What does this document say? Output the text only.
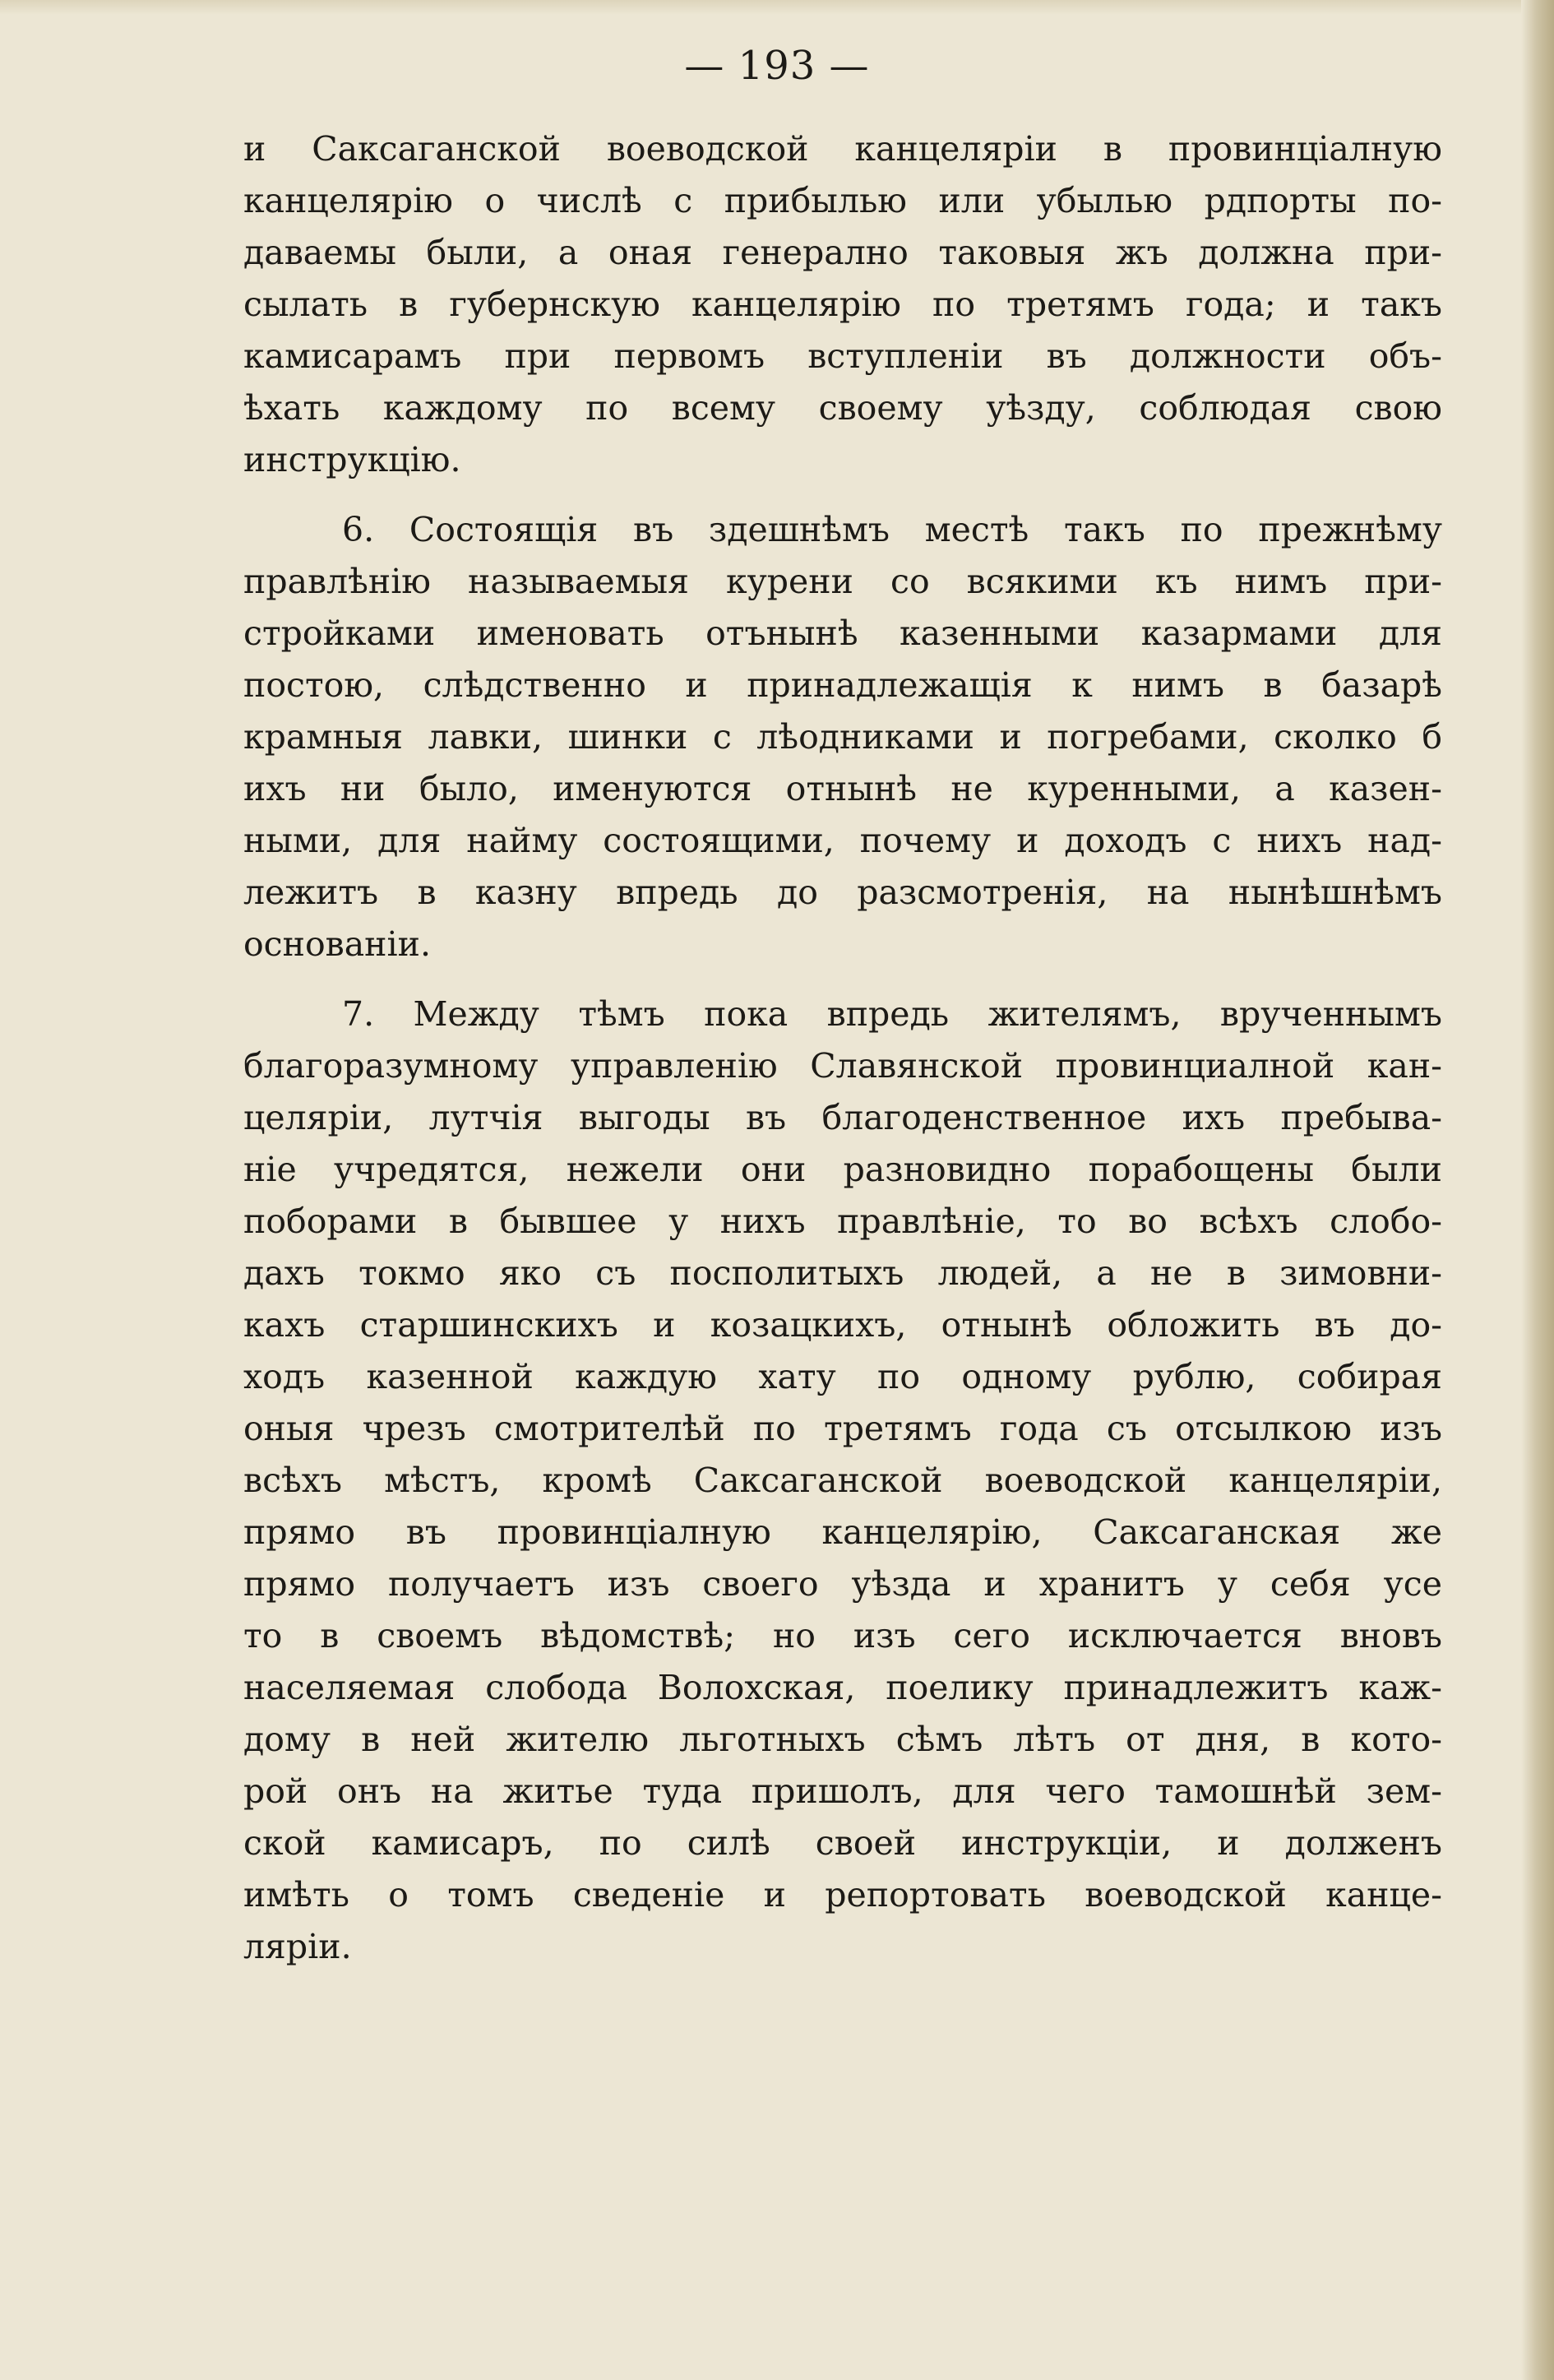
— 193 —
и Саксаганской воеводской канцеляріи в провинціалную
канцелярію о числѣ с прибылью или убылью рдпорты по-
даваемы были, а оная генерално таковыя жъ должна при-
сылать в губернскую канцелярію по третямъ года; и такъ
камисарамъ при первомъ вступленіи въ должности объ-
ѣхать каждому по всему своему уѣзду, соблюдая свою
инструкцію.
6. Состоящія въ здешнѣмъ местѣ такъ по прежнѣму
правлѣнію называемыя курени со всякими къ нимъ при-
стройками именовать отънынѣ казенными казармами для
постою, слѣдственно и принадлежащія к нимъ в базарѣ
крамныя лавки, шинки с лѣодниками и погребами, сколко б
ихъ ни было, именуются отнынѣ не куренными, а казен-
ными, для найму состоящими, почему и доходъ с нихъ над-
лежитъ в казну впредь до разсмотренія, на нынѣшнѣмъ
основаніи.
7. Между тѣмъ пока впредь жителямъ, врученнымъ
благоразумному управленію Славянской провинциалной кан-
целяріи, лутчія выгоды въ благоденственное ихъ пребыва-
ніе учредятся, нежели они разновидно порабощены были
поборами в бывшее у нихъ правлѣніе, то во всѣхъ слобо-
дахъ токмо яко съ посполитыхъ людей, а не в зимовни-
кахъ старшинскихъ и козацкихъ, отнынѣ обложить въ до-
ходъ казенной каждую хату по одному рублю, собирая
оныя чрезъ смотрителѣй по третямъ года съ отсылкою изъ
всѣхъ мѣстъ, кромѣ Саксаганской воеводской канцеляріи,
прямо въ провинціалную канцелярію, Саксаганская же
прямо получаетъ изъ своего уѣзда и хранитъ у себя усе
то в своемъ вѣдомствѣ; но изъ сего исключается вновъ
населяемая слобода Волохская, поелику принадлежитъ каж-
дому в ней жителю льготныхъ сѣмъ лѣтъ от дня, в кото-
рой онъ на житье туда пришолъ, для чего тамошнѣй зем-
ской камисаръ, по силѣ своей инструкціи, и долженъ
имѣть о томъ сведеніе и репортовать воеводской канце-
ляріи.
